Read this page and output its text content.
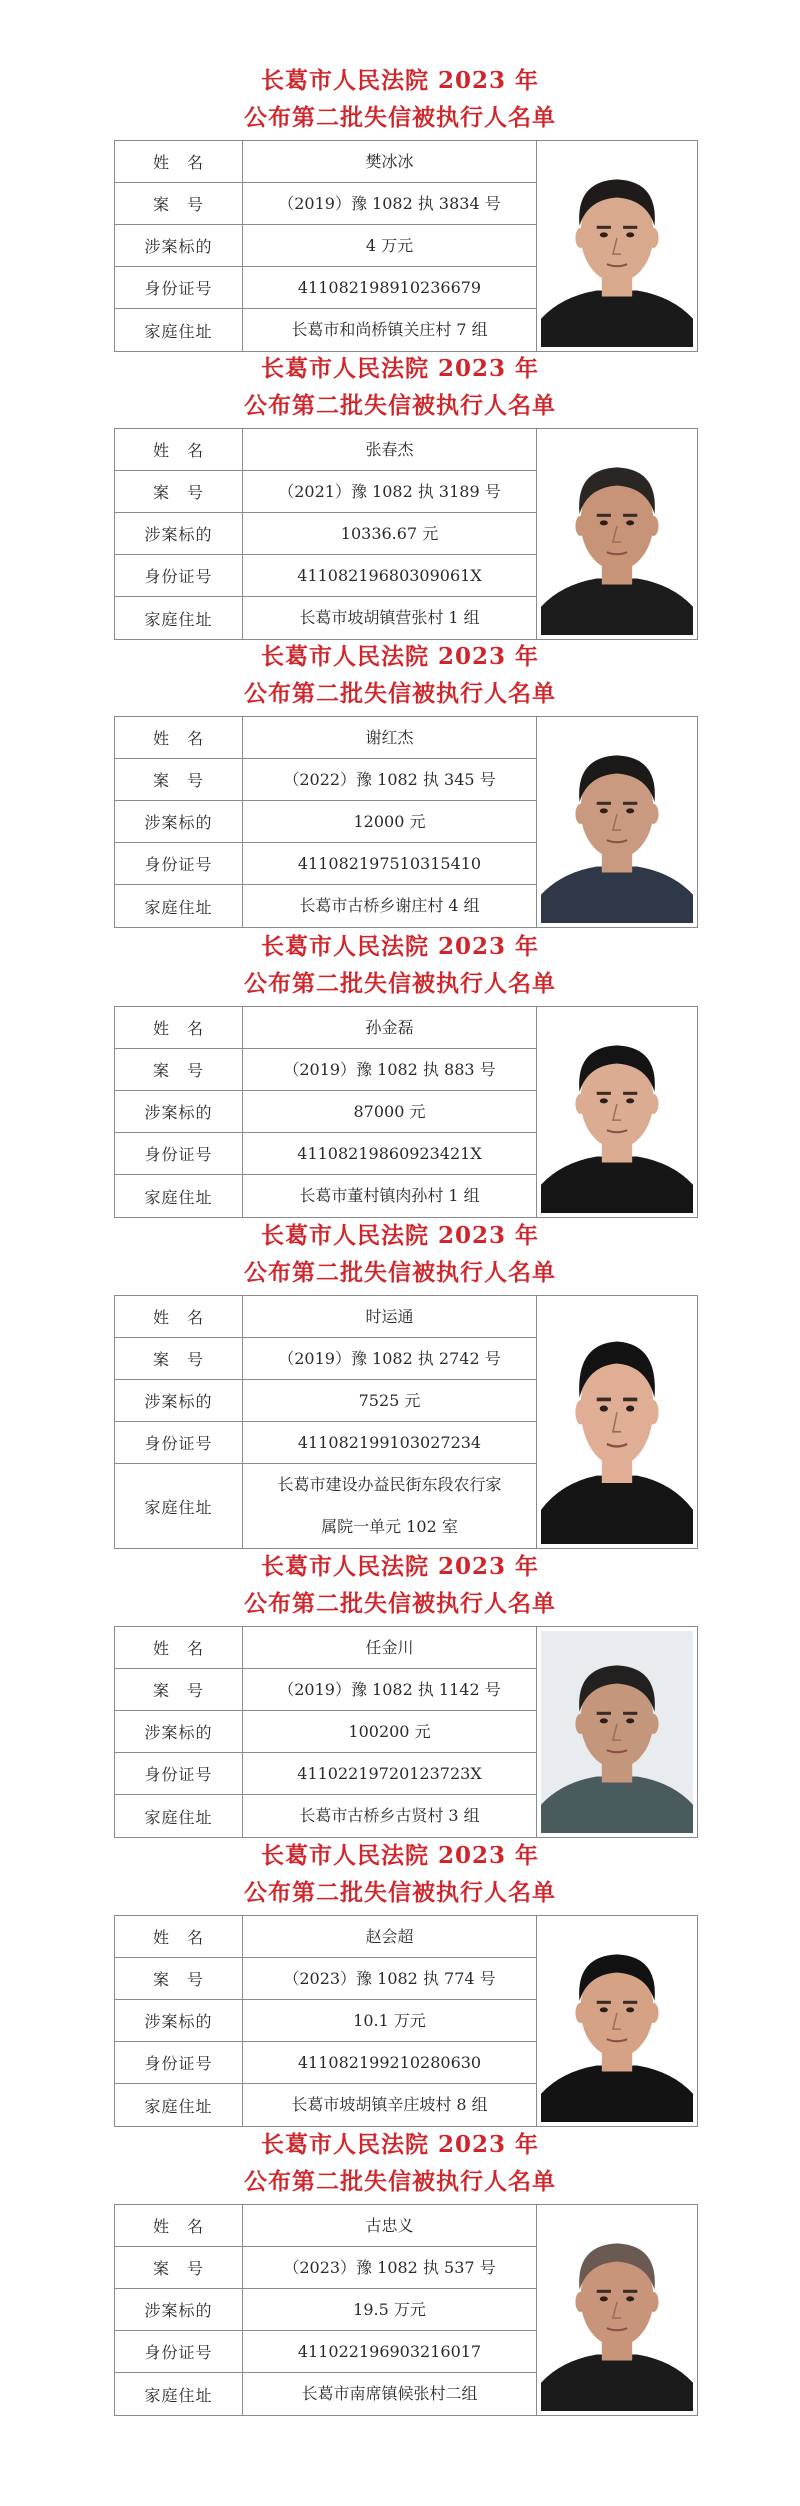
长葛市人民法院 2023 年
公布第二批失信被执行人名单
姓　名	樊冰冰
案　号	（2019）豫 1082 执 3834 号
涉案标的	4 万元
身份证号	411082198910236679
家庭住址	长葛市和尚桥镇关庄村 7 组
长葛市人民法院 2023 年
公布第二批失信被执行人名单
姓　名	张春杰
案　号	（2021）豫 1082 执 3189 号
涉案标的	10336.67 元
身份证号	41108219680309061X
家庭住址	长葛市坡胡镇营张村 1 组
长葛市人民法院 2023 年
公布第二批失信被执行人名单
姓　名	谢红杰
案　号	（2022）豫 1082 执 345 号
涉案标的	12000 元
身份证号	411082197510315410
家庭住址	长葛市古桥乡谢庄村 4 组
长葛市人民法院 2023 年
公布第二批失信被执行人名单
姓　名	孙金磊
案　号	（2019）豫 1082 执 883 号
涉案标的	87000 元
身份证号	41108219860923421X
家庭住址	长葛市董村镇肉孙村 1 组
长葛市人民法院 2023 年
公布第二批失信被执行人名单
姓　名	时运通
案　号	（2019）豫 1082 执 2742 号
涉案标的	7525 元
身份证号	411082199103027234
家庭住址
长葛市建设办益民街东段农行家
属院一单元 102 室
长葛市人民法院 2023 年
公布第二批失信被执行人名单
姓　名	任金川
案　号	（2019）豫 1082 执 1142 号
涉案标的	100200 元
身份证号	41102219720123723X
家庭住址	长葛市古桥乡古贤村 3 组
长葛市人民法院 2023 年
公布第二批失信被执行人名单
姓　名	赵会超
案　号	（2023）豫 1082 执 774 号
涉案标的	10.1 万元
身份证号	411082199210280630
家庭住址	长葛市坡胡镇辛庄坡村 8 组
长葛市人民法院 2023 年
公布第二批失信被执行人名单
姓　名	古忠义
案　号	（2023）豫 1082 执 537 号
涉案标的	19.5 万元
身份证号	411022196903216017
家庭住址	长葛市南席镇候张村二组
